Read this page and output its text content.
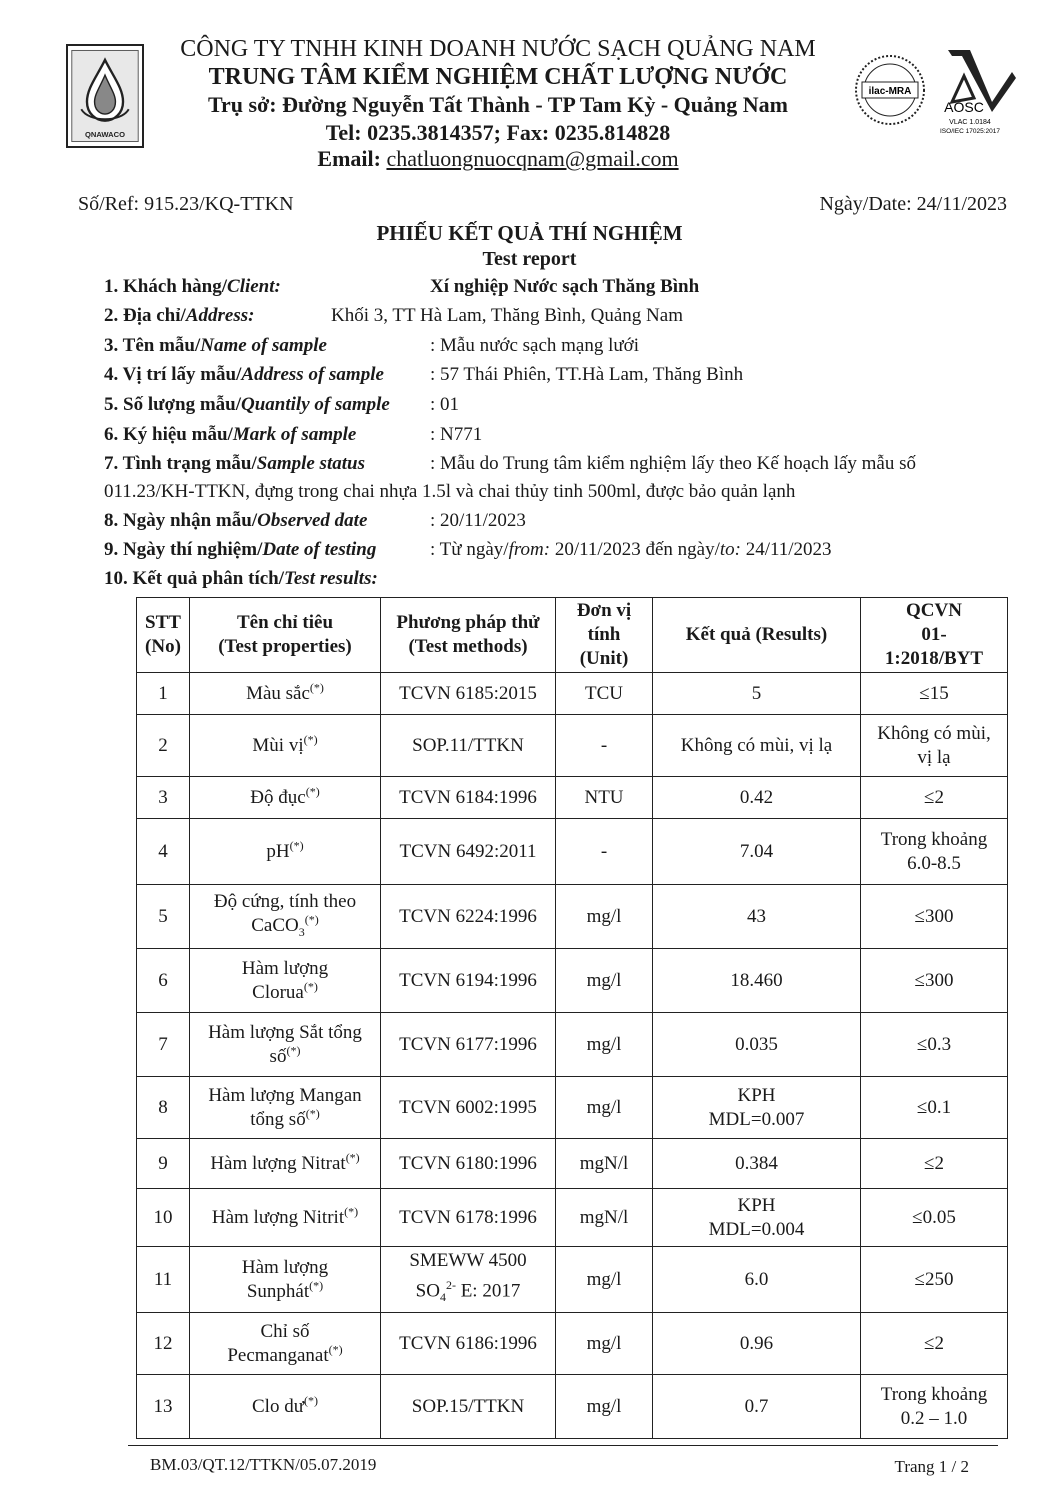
QNAWACO
ilac-MRA
AOSC
VLAC 1.0184
ISO/IEC 17025:2017
CÔNG TY TNHH KINH DOANH NƯỚC SẠCH QUẢNG NAM
TRUNG TÂM KIỂM NGHIỆM CHẤT LƯỢNG NƯỚC
Trụ sở: Đường Nguyễn Tất Thành - TP Tam Kỳ - Quảng Nam
Tel: 0235.3814357; Fax: 0235.814828
Email: chatluongnuocqnam@gmail.com
Số/Ref: 915.23/KQ-TTKN	Ngày/Date: 24/11/2023
PHIẾU KẾT QUẢ THÍ NGHIỆM
Test report
1. Khách hàng/Client:	Xí nghiệp Nước sạch Thăng Bình
2. Địa chỉ/Address:	Khối 3, TT Hà Lam, Thăng Bình, Quảng Nam
3. Tên mẫu/Name of sample	: Mẫu nước sạch mạng lưới
4. Vị trí lấy mẫu/Address of sample : 57 Thái Phiên, TT.Hà Lam, Thăng Bình
5. Số lượng mẫu/Quantily of sample : 01
6. Ký hiệu mẫu/Mark of sample	: N771
7. Tình trạng mẫu/Sample status	: Mẫu do Trung tâm kiểm nghiệm lấy theo Kế hoạch lấy mẫu số
011.23/KH-TTKN, đựng trong chai nhựa 1.5l và chai thủy tinh 500ml, được bảo quản lạnh
8. Ngày nhận mẫu/Observed date	: 20/11/2023
9. Ngày thí nghiệm/Date of testing	: Từ ngày/from: 20/11/2023 đến ngày/to: 24/11/2023
10. Kết quả phân tích/Test results:
STT
(No)	Tên chỉ tiêu
(Test properties)	Phương pháp thử
(Test methods)	Đơn vị
tính
(Unit)	Kết quả (Results)	QCVN
01-
1:2018/BYT
1	Màu sắc(*)	TCVN 6185:2015	TCU	5	≤15
2	Mùi vị(*)	SOP.11/TTKN	-	Không có mùi, vị lạ	Không có mùi,
vị lạ
3	Độ đục(*)	TCVN 6184:1996	NTU	0.42	≤2
4	pH(*)	TCVN 6492:2011	-	7.04	Trong khoảng
6.0-8.5
5	Độ cứng, tính theo
CaCO$_3$(*)	TCVN 6224:1996	mg/l	43	≤300
6	Hàm lượng
Clorua(*)	TCVN 6194:1996	mg/l	18.460	≤300
7	Hàm lượng Sắt tổng
số(*)	TCVN 6177:1996	mg/l	0.035	≤0.3
8	Hàm lượng Mangan
tổng số(*)	TCVN 6002:1995	mg/l	KPH
MDL=0.007	≤0.1
9	Hàm lượng Nitrat(*)	TCVN 6180:1996	mgN/l	0.384	≤2
10	Hàm lượng Nitrit(*)	TCVN 6178:1996	mgN/l	KPH
MDL=0.004	≤0.05
11	Hàm lượng
Sunphát(*)	SMEWW 4500
$SO_4^{2-}$ E: 2017	mg/l	6.0	≤250
12	Chỉ số
Pecmanganat(*)	TCVN 6186:1996	mg/l	0.96	≤2
13	Clo dư(*)	SOP.15/TTKN	mg/l	0.7	Trong khoảng
0.2 – 1.0
BM.03/QT.12/TTKN/05.07.2019	Trang 1 / 2
